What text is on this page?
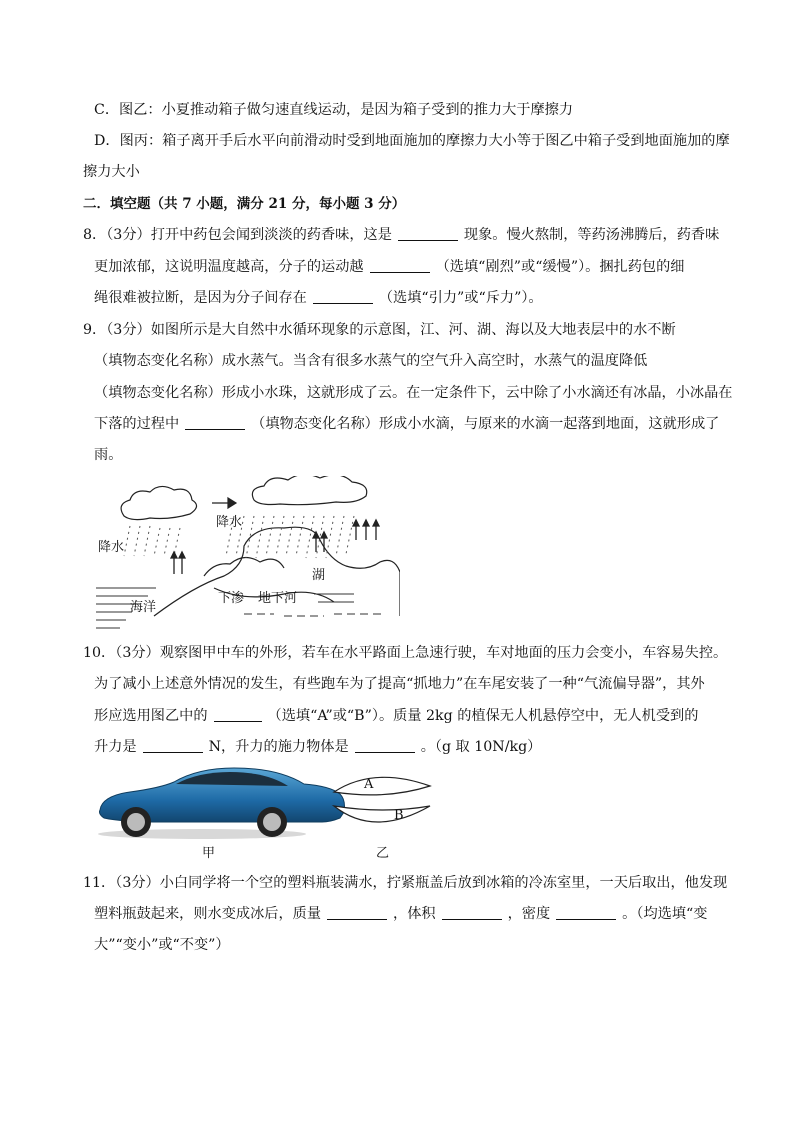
C．图乙：小夏推动箱子做匀速直线运动，是因为箱子受到的推力大于摩擦力
D．图丙：箱子离开手后水平向前滑动时受到地面施加的摩擦力大小等于图乙中箱子受到地面施加的摩
擦力大小
二．填空题（共 7 小题，满分 21 分，每小题 3 分）
8．（3分）打开中药包会闻到淡淡的药香味，这是	现象。慢火熬制，等药汤沸腾后，药香味
更加浓郁，这说明温度越高，分子的运动越	（选填“剧烈”或“缓慢”）。捆扎药包的细
绳很难被拉断，是因为分子间存在	（选填“引力”或“斥力”）。
9．（3分）如图所示是大自然中水循环现象的示意图，江、河、湖、海以及大地表层中的水不断
（填物态变化名称）成水蒸气。当含有很多水蒸气的空气升入高空时，水蒸气的温度降低
（填物态变化名称）形成小水珠，这就形成了云。在一定条件下，云中除了小水滴还有冰晶，小冰晶在
下落的过程中	（填物态变化名称）形成小水滴，与原来的水滴一起落到地面，这就形成了
雨。
降水
降水
海洋
湖
下渗 地下河
10．（3分）观察图甲中车的外形，若车在水平路面上急速行驶，车对地面的压力会变小，车容易失控。
为了减小上述意外情况的发生，有些跑车为了提高“抓地力”在车尾安装了一种“气流偏导器”，其外
形应选用图乙中的	（选填“A”或“B”）。质量 2kg 的植保无人机悬停空中，无人机受到的
升力是	N，升力的施力物体是	。（g 取 10N/kg）
A
B
甲	乙
11．（3分）小白同学将一个空的塑料瓶装满水，拧紧瓶盖后放到冰箱的冷冻室里，一天后取出，他发现
塑料瓶鼓起来，则水变成冰后，质量	，体积	，密度	。（均选填“变
大”“变小”或“不变”）
